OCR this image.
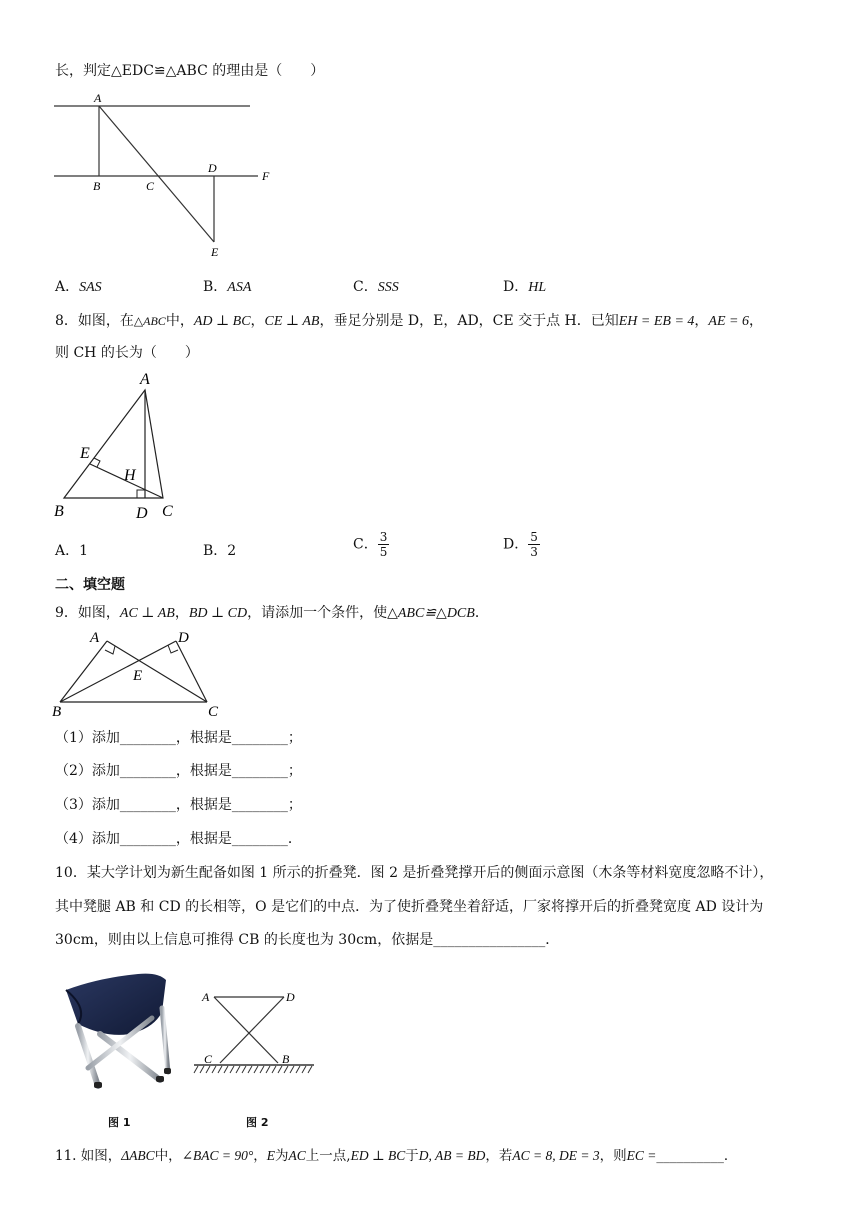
长，判定△EDC≌△ABC 的理由是（　　）
A
B	C
D
F
E
A．SAS	B．ASA	C．SSS	D．HL
8．如图，在△ABC中，AD ⊥ BC，CE ⊥ AB，垂足分别是 D，E，AD，CE 交于点 H．已知EH = EB = 4，AE = 6，
则 CH 的长为（　　）
A
E
H
B	D C
A．1	B．2	C． $\frac{3}{5}$	D． $\frac{5}{3}$
二、填空题
9．如图，AC ⊥ AB，BD ⊥ CD，请添加一个条件，使△ABC≌△DCB．
A	D
E
B	C
（1）添加________，根据是________；
（2）添加________，根据是________；
（3）添加________，根据是________；
（4）添加________，根据是________．
10．某大学计划为新生配备如图 1 所示的折叠凳．图 2 是折叠凳撑开后的侧面示意图（木条等材料宽度忽略不计），
其中凳腿 AB 和 CD 的长相等，O 是它们的中点．为了使折叠凳坐着舒适，厂家将撑开后的折叠凳宽度 AD 设计为
30cm，则由以上信息可推得 CB 的长度也为 30cm，依据是________________．
图 1
A	D
C	B
图 2
11. 如图，ΔABC中，∠BAC = 90°，E为AC上一点,ED ⊥ BC于D, AB = BD，若AC = 8, DE = 3，则EC =__________．
